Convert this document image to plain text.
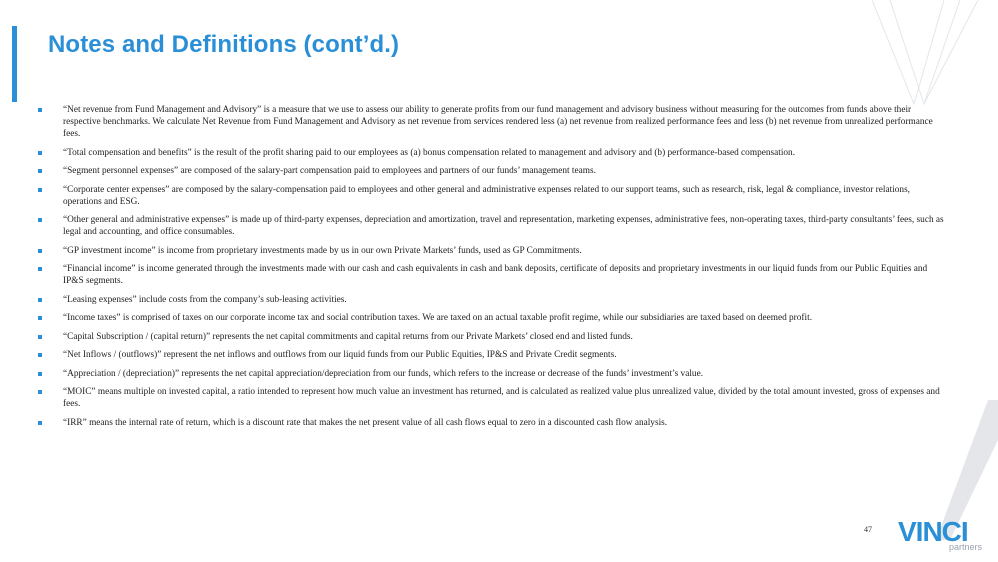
Notes and Definitions (cont’d.)
“Net revenue from Fund Management and Advisory” is a measure that we use to assess our ability to generate profits from our fund management and advisory business without measuring for the outcomes from funds above their respective benchmarks. We calculate Net Revenue from Fund Management and Advisory as net revenue from services rendered less (a) net revenue from realized performance fees and less (b) net revenue from unrealized performance fees.
“Total compensation and benefits” is the result of the profit sharing paid to our employees as (a) bonus compensation related to management and advisory and (b) performance-based compensation.
“Segment personnel expenses” are composed of the salary-part compensation paid to employees and partners of our funds’ management teams.
“Corporate center expenses” are composed by the salary-compensation paid to employees and other general and administrative expenses related to our support teams, such as research, risk, legal & compliance, investor relations, operations and ESG.
“Other general and administrative expenses” is made up of third-party expenses, depreciation and amortization, travel and representation, marketing expenses, administrative fees, non-operating taxes, third-party consultants’ fees, such as legal and accounting, and office consumables.
“GP investment income” is income from proprietary investments made by us in our own Private Markets’ funds, used as GP Commitments.
“Financial income” is income generated through the investments made with our cash and cash equivalents in cash and bank deposits, certificate of deposits and proprietary investments in our liquid funds from our Public Equities and IP&S segments.
“Leasing expenses” include costs from the company’s sub-leasing activities.
“Income taxes” is comprised of taxes on our corporate income tax and social contribution taxes. We are taxed on an actual taxable profit regime, while our subsidiaries are taxed based on deemed profit.
“Capital Subscription / (capital return)” represents the net capital commitments and capital returns from our Private Markets’ closed end and listed funds.
“Net Inflows / (outflows)” represent the net inflows and outflows from our liquid funds from our Public Equities, IP&S and Private Credit segments.
“Appreciation / (depreciation)” represents the net capital appreciation/depreciation from our funds, which refers to the increase or decrease of the funds’ investment’s value.
“MOIC” means multiple on invested capital, a ratio intended to represent how much value an investment has returned, and is calculated as realized value plus unrealized value, divided by the total amount invested, gross of expenses and fees.
“IRR” means the internal rate of return, which is a discount rate that makes the net present value of all cash flows equal to zero in a discounted cash flow analysis.
47 VINCI
partners
